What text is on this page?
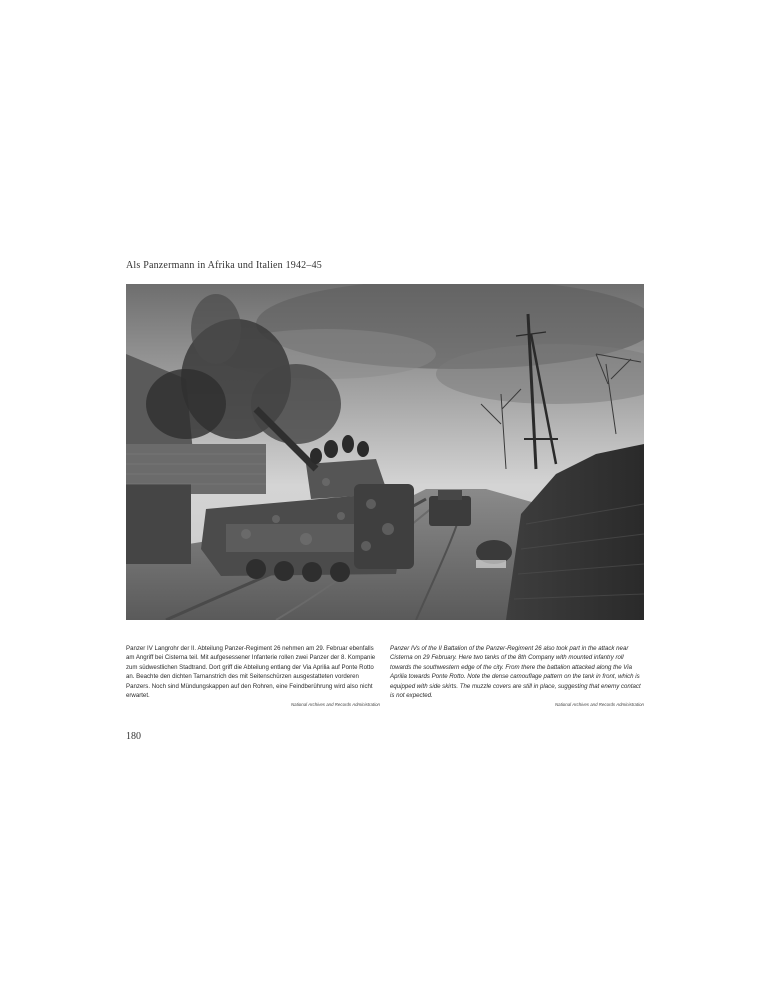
Als Panzermann in Afrika und Italien 1942–45
Panzer IV Langrohr der II. Abteilung Panzer-Regiment 26 nehmen am 29. Februar ebenfalls am Angriff bei Cisterna teil. Mit aufgesessener Infanterie rollen zwei Panzer der 8. Kompanie zum südwestlichen Stadtrand. Dort griff die Abteilung entlang der Via Aprilia auf Ponte Rotto an. Beachte den dichten Tarnanstrich des mit Seitenschürzen ausgestatteten vorderen Panzers. Noch sind Mündungskappen auf den Rohren, eine Feindberührung wird also nicht erwartet.
National Archives and Records Administration
Panzer IVs of the II Battalion of the Panzer-Regiment 26 also took part in the attack near Cisterna on 29 February. Here two tanks of the 8th Company with mounted infantry roll towards the southwestern edge of the city. From there the battalion attacked along the Via Aprilia towards Ponte Rotto. Note the dense camouflage pattern on the tank in front, which is equipped with side skirts. The muzzle covers are still in place, suggesting that enemy contact is not expected.
National Archives and Records Administration
180
